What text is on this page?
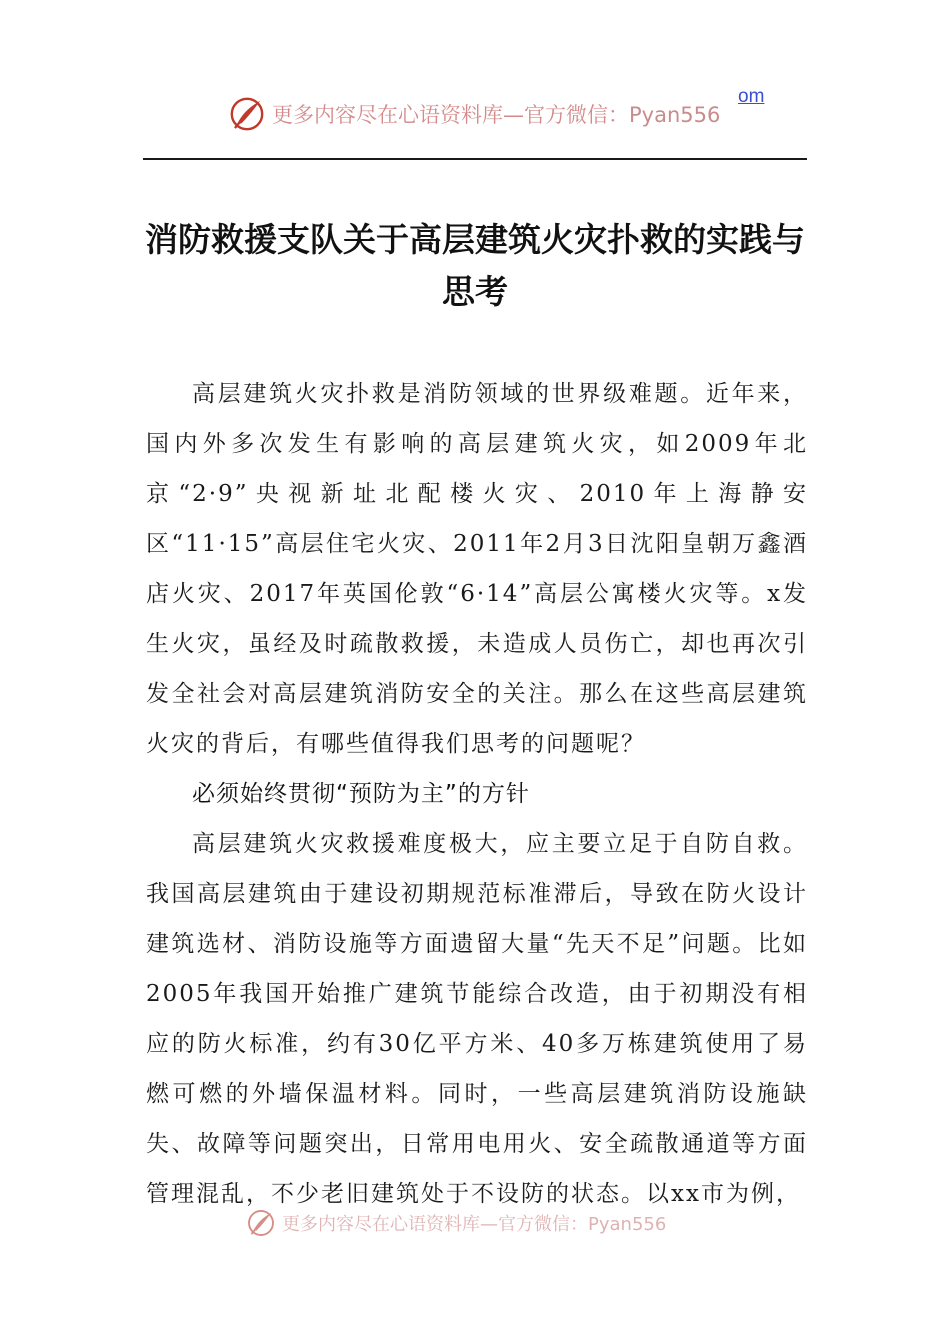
更多内容尽在心语资料库—官方微信：Pyan556
om
消防救援支队关于高层建筑火灾扑救的实践与思考

高层建筑火灾扑救是消防领域的世界级难题。近年来，国内外多次发生有影响的高层建筑火灾，如2009年北京“2·9”央视新址北配楼火灾、2010年上海静安区“11·15”高层住宅火灾、2011年2月3日沈阳皇朝万鑫酒店火灾、2017年英国伦敦“6·14”高层公寓楼火灾等。x发生火灾，虽经及时疏散救援，未造成人员伤亡，却也再次引发全社会对高层建筑消防安全的关注。那么在这些高层建筑火灾的背后，有哪些值得我们思考的问题呢？

必须始终贯彻“预防为主”的方针

高层建筑火灾救援难度极大，应主要立足于自防自救。我国高层建筑由于建设初期规范标准滞后，导致在防火设计建筑选材、消防设施等方面遗留大量“先天不足”问题。比如2005年我国开始推广建筑节能综合改造，由于初期没有相应的防火标准，约有30亿平方米、40多万栋建筑使用了易燃可燃的外墙保温材料。同时，一些高层建筑消防设施缺失、故障等问题突出，日常用电用火、安全疏散通道等方面管理混乱，不少老旧建筑处于不设防的状态。以xx市为例，

更多内容尽在心语资料库—官方微信：Pyan556
